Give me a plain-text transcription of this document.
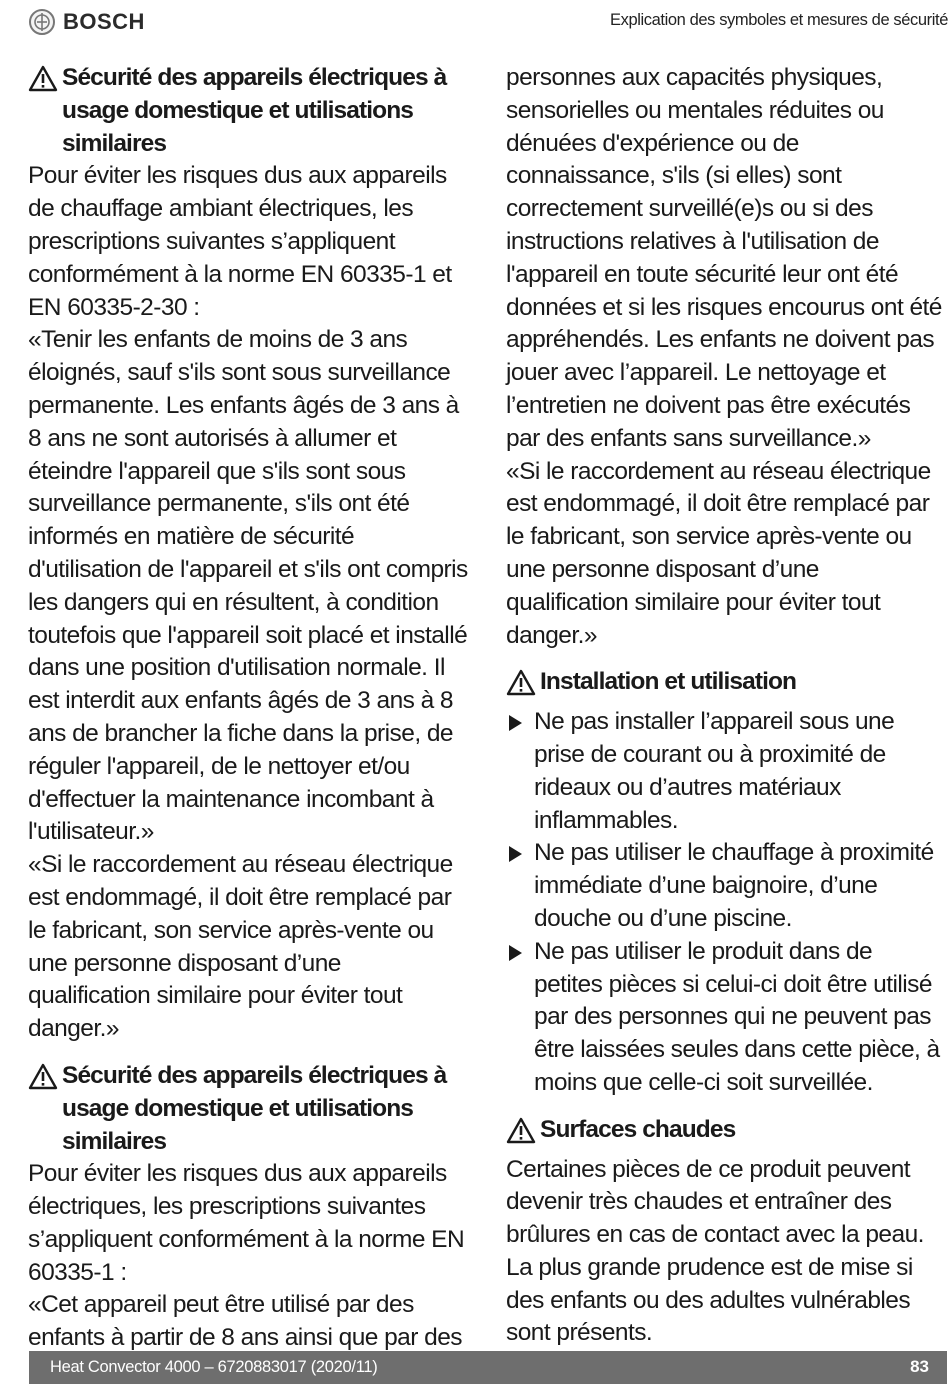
BOSCH	Explication des symboles et mesures de sécurité
Sécurité des appareils électriques à usage domestique et utilisations similaires

Pour éviter les risques dus aux appareils de chauffage ambiant électriques, les prescriptions suivantes s’appliquent conformément à la norme EN 60335-1 et EN 60335-2-30 :

«Tenir les enfants de moins de 3 ans éloignés, sauf s'ils sont sous surveillance permanente. Les enfants âgés de 3 ans à 8 ans ne sont autorisés à allumer et éteindre l'appareil que s'ils sont sous surveillance permanente, s'ils ont été informés en matière de sécurité d'utilisation de l'appareil et s'ils ont compris les dangers qui en résultent, à condition toutefois que l'appareil soit placé et installé dans une position d'utilisation normale. Il est interdit aux enfants âgés de 3 ans à 8 ans de brancher la fiche dans la prise, de réguler l'appareil, de le nettoyer et/ou d'effectuer la maintenance incombant à l'utilisateur.»

«Si le raccordement au réseau électrique est endommagé, il doit être remplacé par le fabricant, son service après-vente ou une personne disposant d’une qualification similaire pour éviter tout danger.»

Sécurité des appareils électriques à usage domestique et utilisations similaires

Pour éviter les risques dus aux appareils électriques, les prescriptions suivantes s’appliquent conformément à la norme EN 60335-1 :

«Cet appareil peut être utilisé par des enfants à partir de 8 ans ainsi que par des

personnes aux capacités physiques, sensorielles ou mentales réduites ou dénuées d'expérience ou de connaissance, s'ils (si elles) sont correctement surveillé(e)s ou si des instructions relatives à l'utilisation de l'appareil en toute sécurité leur ont été données et si les risques encourus ont été appréhendés. Les enfants ne doivent pas jouer avec l’appareil. Le nettoyage et l’entretien ne doivent pas être exécutés par des enfants sans surveillance.»

«Si le raccordement au réseau électrique est endommagé, il doit être remplacé par le fabricant, son service après-vente ou une personne disposant d’une qualification similaire pour éviter tout danger.»

Installation et utilisation
Ne pas installer l’appareil sous une prise de courant ou à proximité de rideaux ou d’autres matériaux inflammables.
Ne pas utiliser le chauffage à proximité immédiate d’une baignoire, d’une douche ou d’une piscine.
Ne pas utiliser le produit dans de petites pièces si celui-ci doit être utilisé par des personnes qui ne peuvent pas être laissées seules dans cette pièce, à moins que celle-ci soit surveillée.
Surfaces chaudes

Certaines pièces de ce produit peuvent devenir très chaudes et entraîner des brûlures en cas de contact avec la peau. La plus grande prudence est de mise si des enfants ou des adultes vulnérables sont présents.

Heat Convector 4000 – 6720883017 (2020/11)	83
